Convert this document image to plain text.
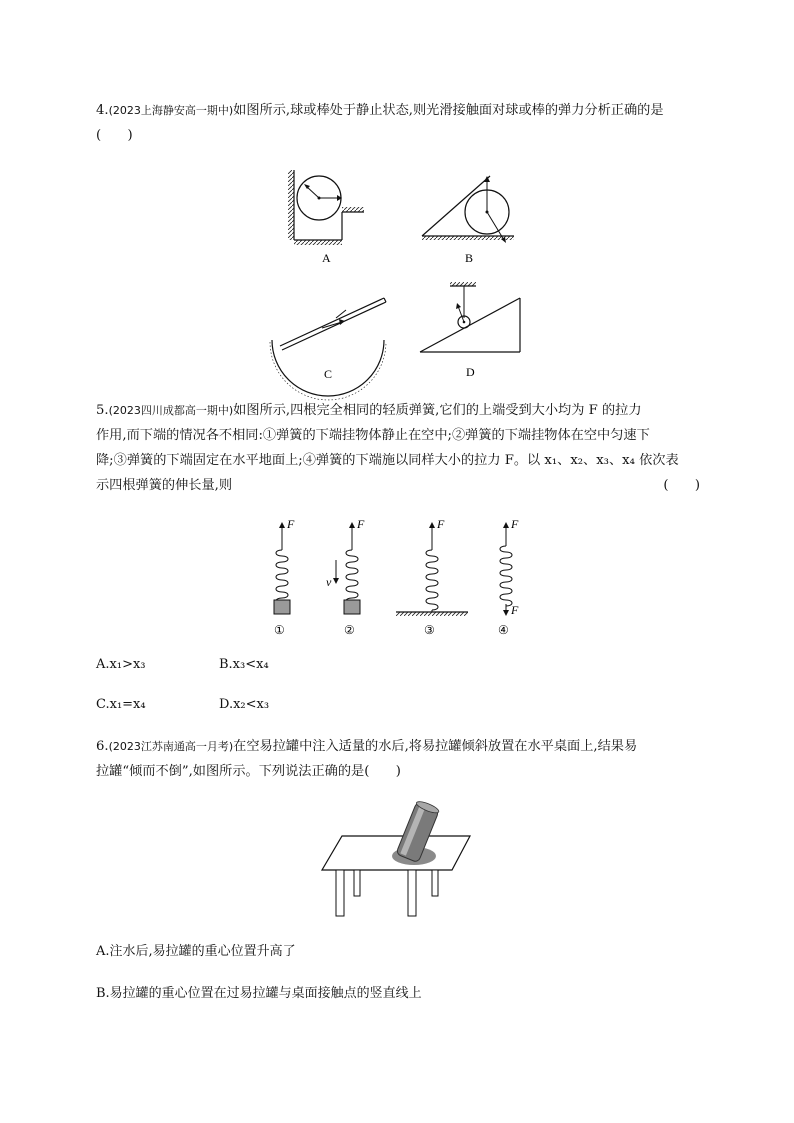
4.(2023上海静安高一期中)如图所示,球或棒处于静止状态,则光滑接触面对球或棒的弹力分析正确的是(　　)
A	B
C	D
5.(2023四川成都高一期中)如图所示,四根完全相同的轻质弹簧,它们的上端受到大小均为 F 的拉力
作用,而下端的情况各不相同:①弹簧的下端挂物体静止在空中;②弹簧的下端挂物体在空中匀速下
降;③弹簧的下端固定在水平地面上;④弹簧的下端施以同样大小的拉力 F。以 x₁、x₂、x₃、x₄ 依次表
示四根弹簧的伸长量,则	(　　)
F
①
F
v
②
F
③
F
F
④
A.x₁>x₃	B.x₃<x₄
C.x₁=x₄	D.x₂<x₃
6.(2023江苏南通高一月考)在空易拉罐中注入适量的水后,将易拉罐倾斜放置在水平桌面上,结果易
拉罐“倾而不倒”,如图所示。下列说法正确的是(　　)
A.注水后,易拉罐的重心位置升高了
B.易拉罐的重心位置在过易拉罐与桌面接触点的竖直线上
